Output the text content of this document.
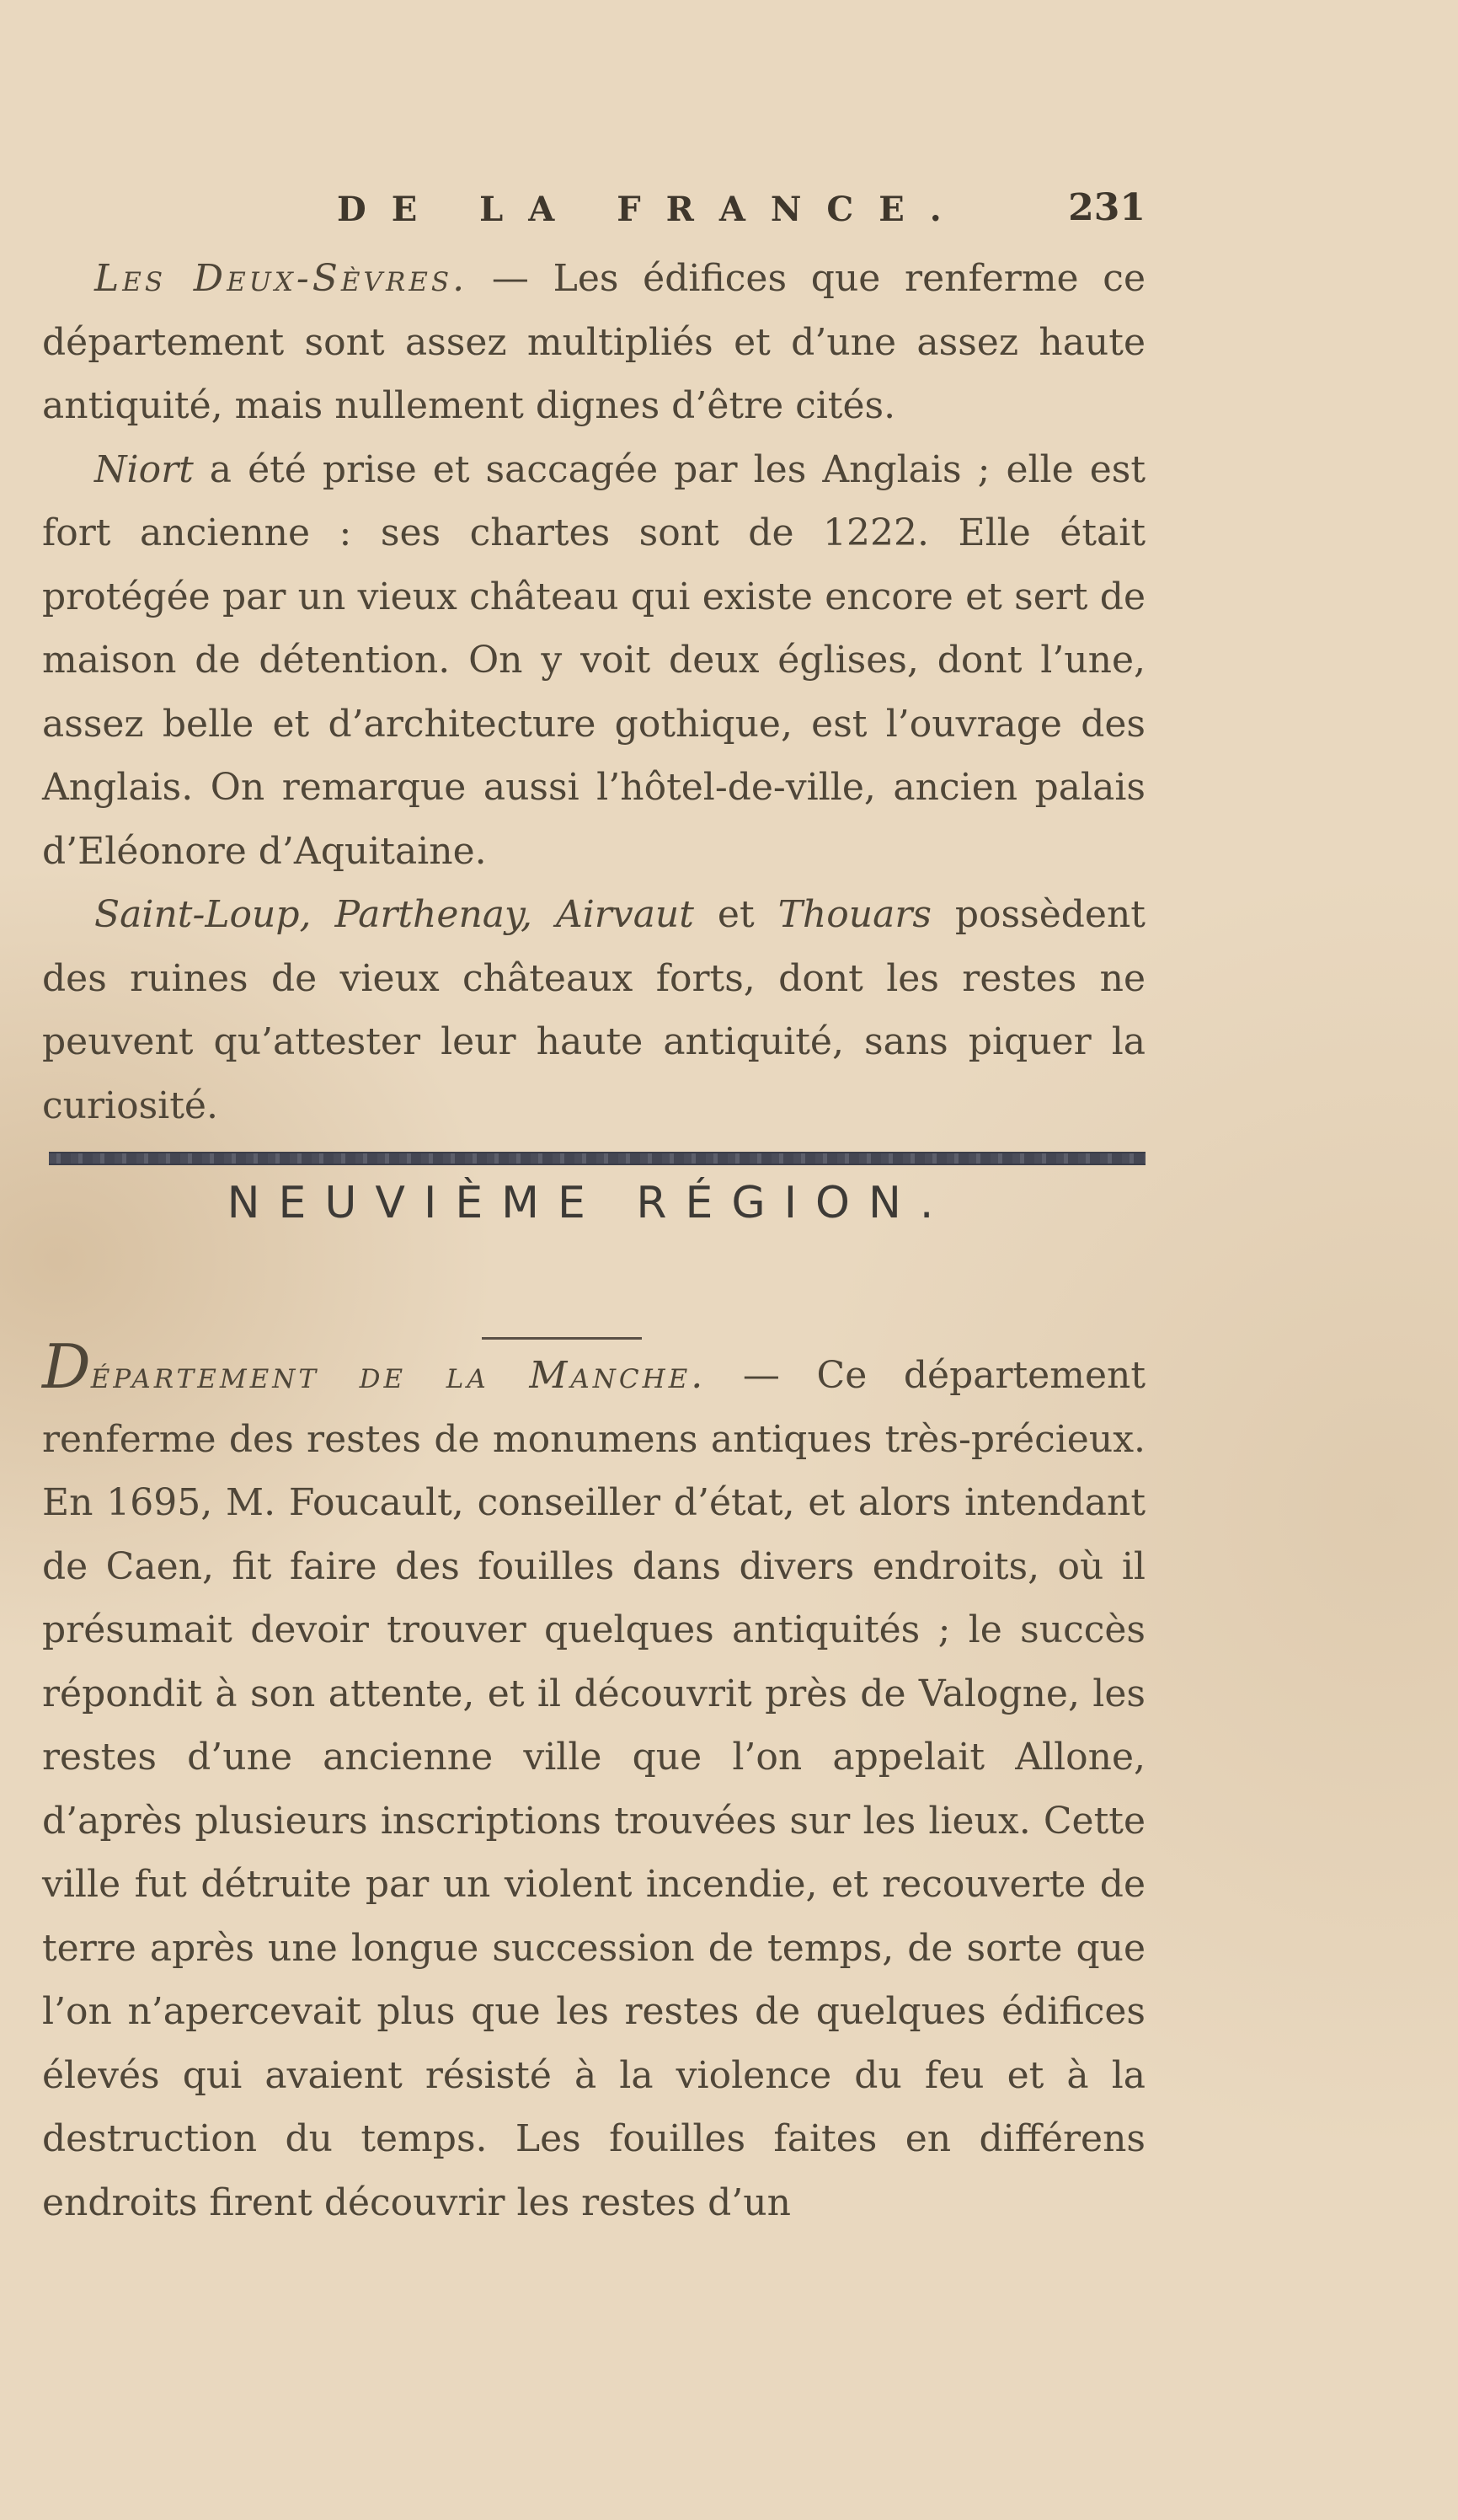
DE LA FRANCE.	231

Les Deux-Sèvres. — Les édifices que renferme ce département sont assez multipliés et d’une assez haute antiquité, mais nullement dignes d’être cités.

Niort a été prise et saccagée par les Anglais ; elle est fort ancienne : ses chartes sont de 1222. Elle était protégée par un vieux château qui existe encore et sert de maison de détention. On y voit deux églises, dont l’une, assez belle et d’architecture gothique, est l’ouvrage des Anglais. On remarque aussi l’hôtel-de-ville, ancien palais d’Eléonore d’Aquitaine.

Saint-Loup, Parthenay, Airvaut et Thouars possèdent des ruines de vieux châteaux forts, dont les restes ne peuvent qu’attester leur haute antiquité, sans piquer la curiosité.

NEUVIÈME RÉGION.

Département de la Manche. — Ce département renferme des restes de monumens antiques très-précieux. En 1695, M. Foucault, conseiller d’état, et alors intendant de Caen, fit faire des fouilles dans divers endroits, où il présumait devoir trouver quelques antiquités ; le succès répondit à son attente, et il découvrit près de Valogne, les restes d’une ancienne ville que l’on appelait Allone, d’après plusieurs inscriptions trouvées sur les lieux. Cette ville fut détruite par un violent incendie, et recouverte de terre après une longue succession de temps, de sorte que l’on n’apercevait plus que les restes de quelques édifices élevés qui avaient résisté à la violence du feu et à la destruction du temps. Les fouilles faites en différens endroits firent découvrir les restes d’un
